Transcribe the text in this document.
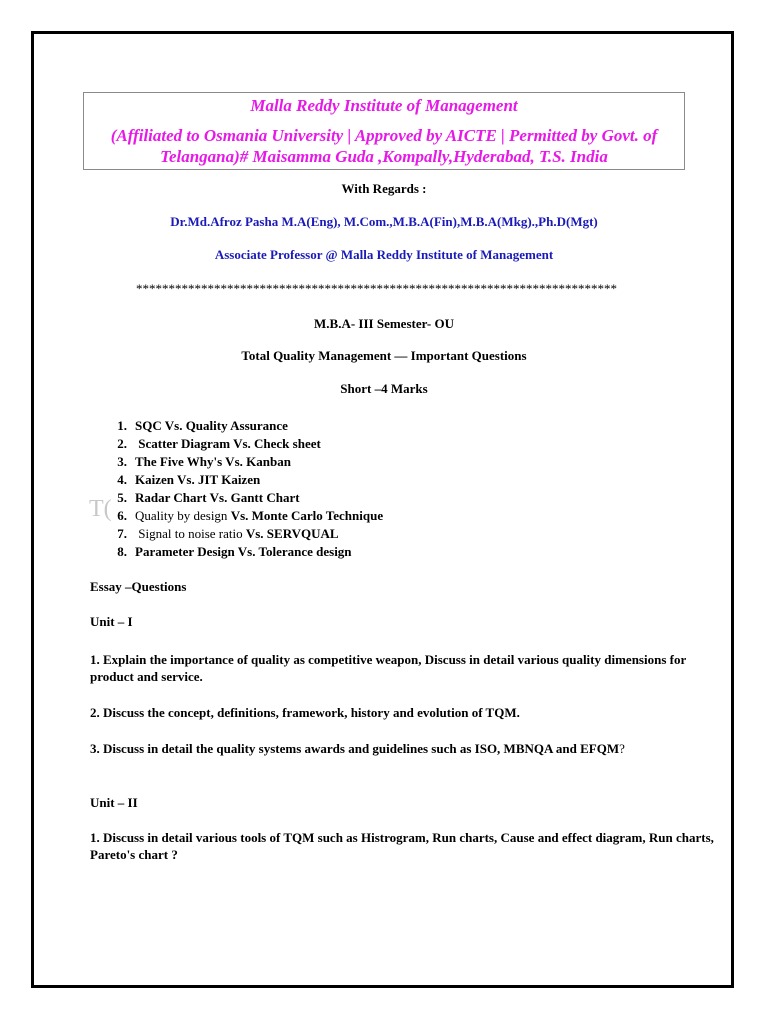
Malla Reddy Institute of Management
(Affiliated to Osmania University | Approved by AICTE | Permitted by Govt. of
Telangana)# Maisamma Guda ,Kompally,Hyderabad, T.S. India
With Regards :
Dr.Md.Afroz Pasha M.A(Eng), M.Com.,M.B.A(Fin),M.B.A(Mkg).,Ph.D(Mgt)
Associate Professor @ Malla Reddy Institute of Management
**************************************************************************
M.B.A- III Semester- OU
Total Quality Management — Important Questions
Short –4 Marks
T(
1. SQC Vs. Quality Assurance
2. Scatter Diagram Vs. Check sheet
3. The Five Why's Vs. Kanban
4. Kaizen Vs. JIT Kaizen
5. Radar Chart Vs. Gantt Chart
6. Quality by design Vs. Monte Carlo Technique
7. Signal to noise ratio Vs. SERVQUAL
8. Parameter Design Vs. Tolerance design
Essay –Questions
Unit – I
1. Explain the importance of quality as competitive weapon, Discuss in detail various quality dimensions for product and service.
2. Discuss the concept, definitions, framework, history and evolution of TQM.
3. Discuss in detail the quality systems awards and guidelines such as ISO, MBNQA and EFQM?
Unit – II
1. Discuss in detail various tools of TQM such as Histrogram, Run charts, Cause and effect diagram, Run charts, Pareto's chart ?
